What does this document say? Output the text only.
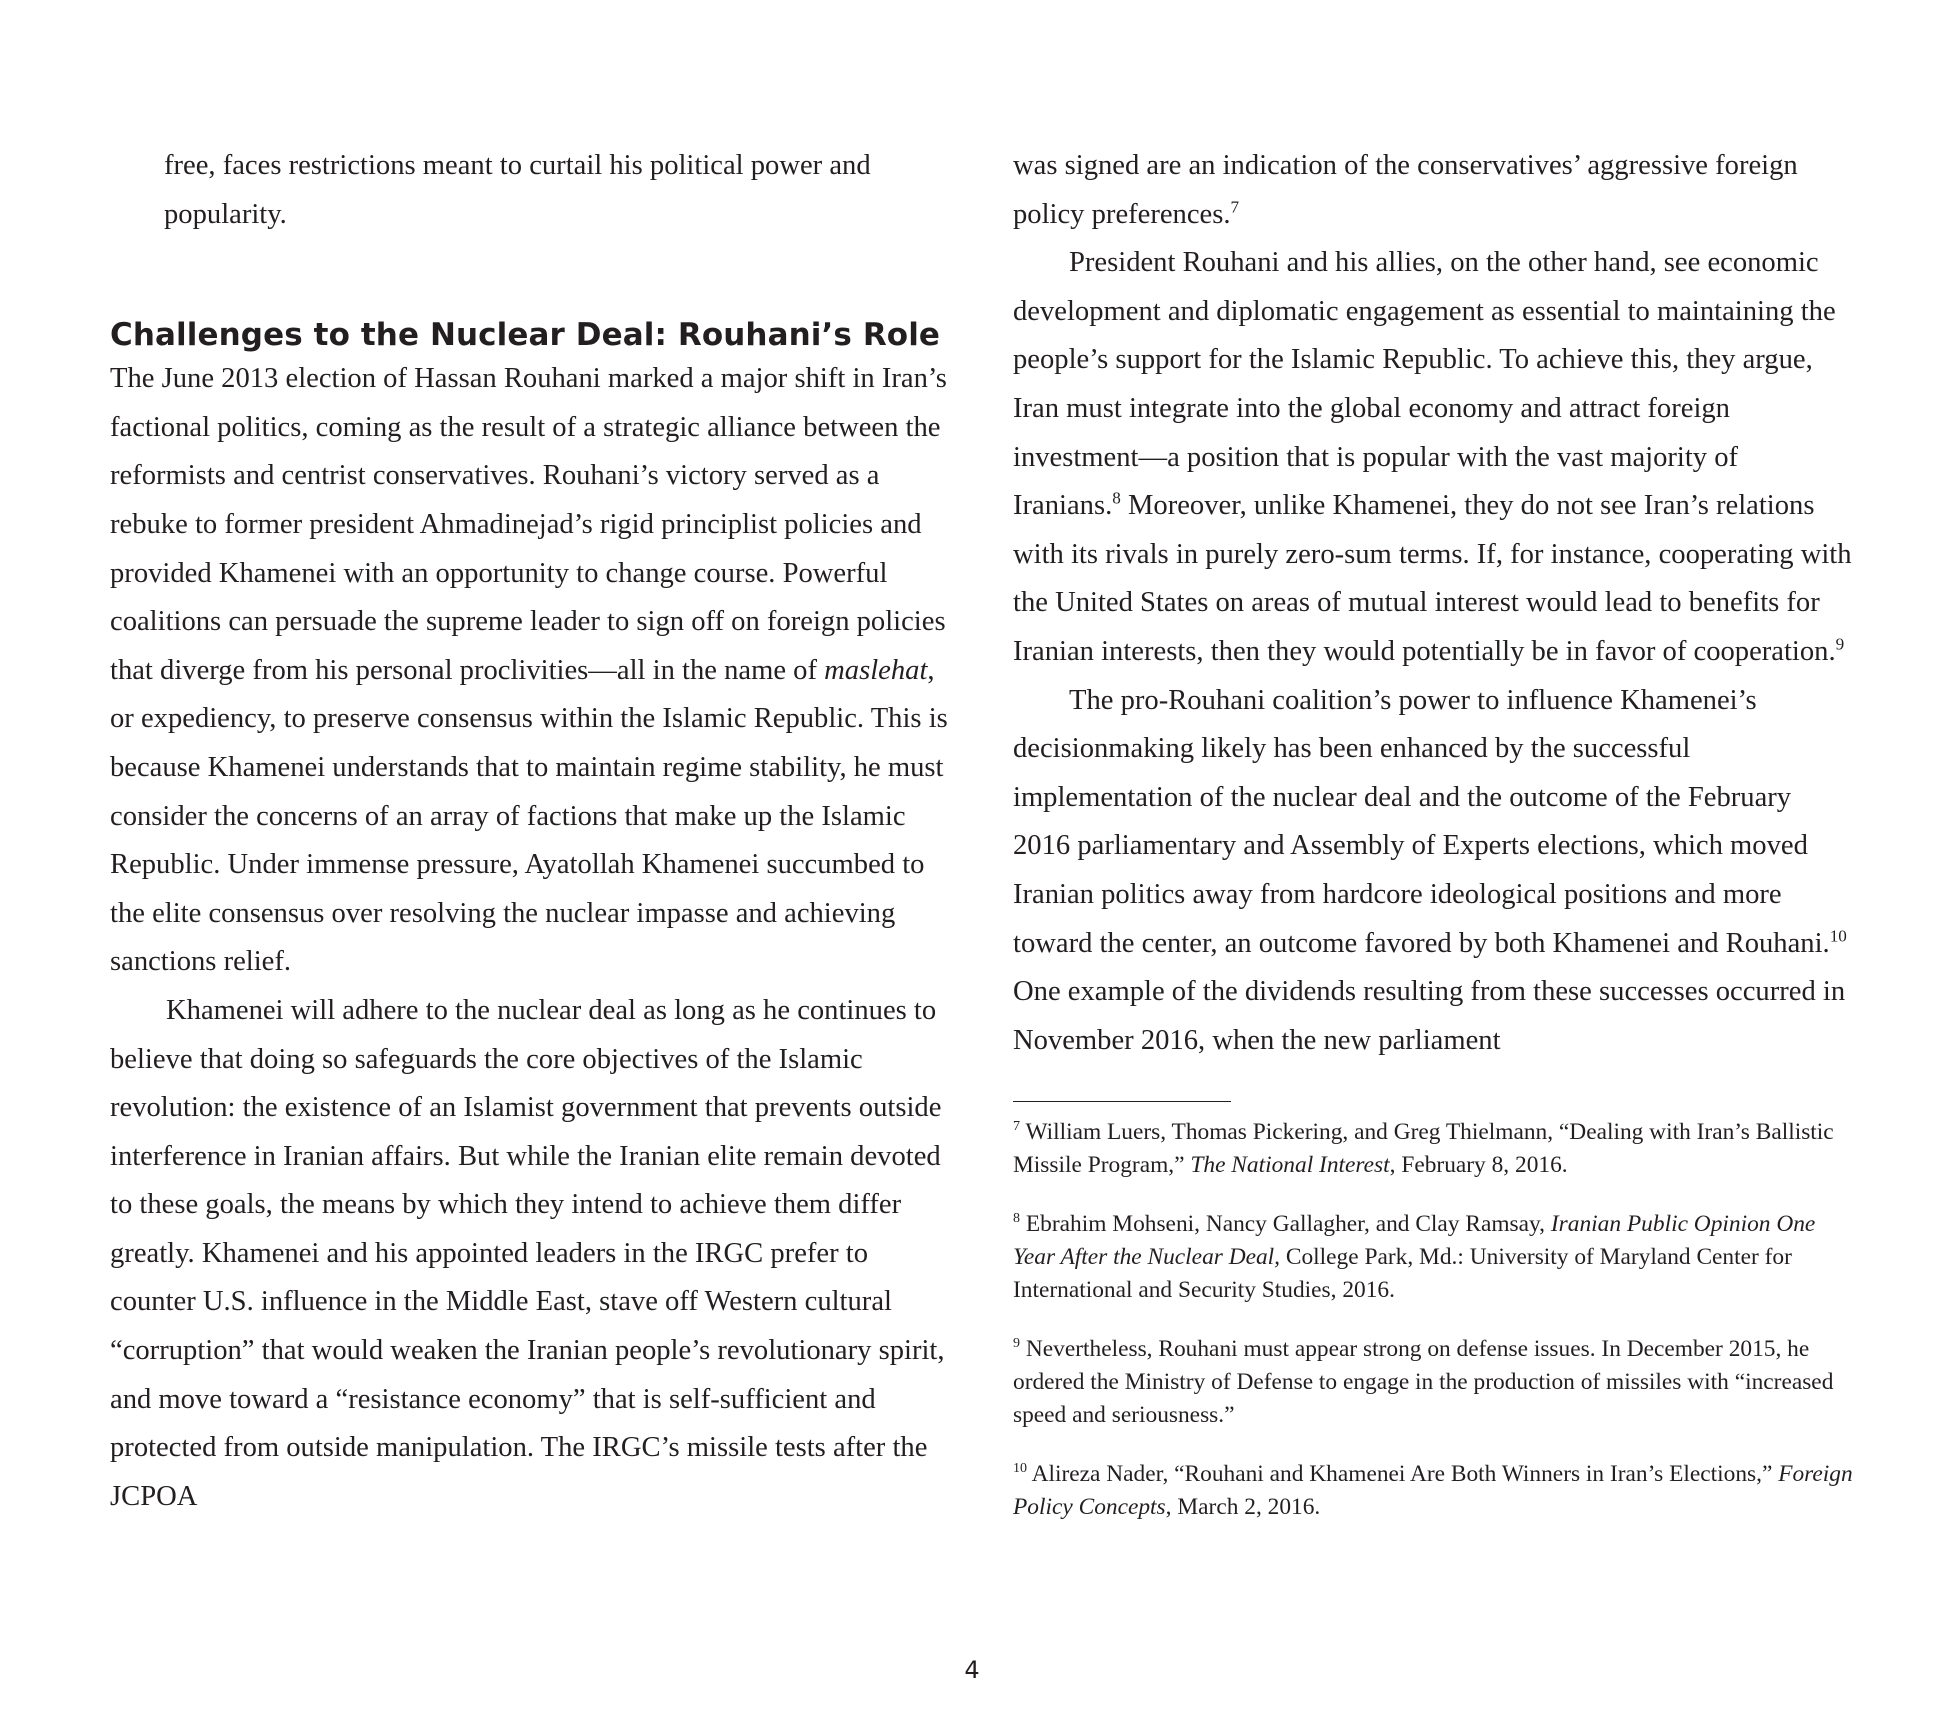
free, faces restrictions meant to curtail his political power and popularity.

Challenges to the Nuclear Deal: Rouhani’s Role

The June 2013 election of Hassan Rouhani marked a major shift in Iran’s factional politics, coming as the result of a strategic alliance between the reformists and centrist conservatives. Rouhani’s victory served as a rebuke to former president Ahmadinejad’s rigid principlist policies and provided Khamenei with an opportunity to change course. Powerful coalitions can persuade the supreme leader to sign off on foreign policies that diverge from his personal proclivities—all in the name of maslehat, or expediency, to preserve consensus within the Islamic Republic. This is because Khamenei understands that to maintain regime stability, he must consider the concerns of an array of factions that make up the Islamic Republic. Under immense pressure, Ayatollah Khamenei succumbed to the elite consensus over resolving the nuclear impasse and achieving sanctions relief.

Khamenei will adhere to the nuclear deal as long as he continues to believe that doing so safeguards the core objectives of the Islamic revolution: the existence of an Islamist government that prevents outside interference in Iranian affairs. But while the Iranian elite remain devoted to these goals, the means by which they intend to achieve them differ greatly. Khamenei and his appointed leaders in the IRGC prefer to counter U.S. influence in the Middle East, stave off Western cultural “corruption” that would weaken the Iranian people’s revolutionary spirit, and move toward a “resistance economy” that is self-sufficient and protected from outside manipulation. The IRGC’s missile tests after the JCPOA

was signed are an indication of the conservatives’ aggressive foreign policy preferences.$^7$

President Rouhani and his allies, on the other hand, see economic development and diplomatic engagement as essential to maintaining the people’s support for the Islamic Republic. To achieve this, they argue, Iran must integrate into the global economy and attract foreign investment—a position that is popular with the vast majority of Iranians.$^8$ Moreover, unlike Khamenei, they do not see Iran’s relations with its rivals in purely zero-sum terms. If, for instance, cooperating with the United States on areas of mutual interest would lead to benefits for Iranian interests, then they would potentially be in favor of cooperation.$^9$

The pro-Rouhani coalition’s power to influence Khamenei’s decisionmaking likely has been enhanced by the successful implementation of the nuclear deal and the outcome of the February 2016 parliamentary and Assembly of Experts elections, which moved Iranian politics away from hardcore ideological positions and more toward the center, an outcome favored by both Khamenei and Rouhani.$^{10}$ One example of the dividends resulting from these successes occurred in November 2016, when the new parliament

$^7$ William Luers, Thomas Pickering, and Greg Thielmann, “Dealing with Iran’s Ballistic Missile Program,” The National Interest, February 8, 2016.

$^8$ Ebrahim Mohseni, Nancy Gallagher, and Clay Ramsay, Iranian Public Opinion One Year After the Nuclear Deal, College Park, Md.: University of Maryland Center for International and Security Studies, 2016.

$^9$ Nevertheless, Rouhani must appear strong on defense issues. In December 2015, he ordered the Ministry of Defense to engage in the production of missiles with “increased speed and seriousness.”

$^{10}$ Alireza Nader, “Rouhani and Khamenei Are Both Winners in Iran’s Elections,” Foreign Policy Concepts, March 2, 2016.

4
